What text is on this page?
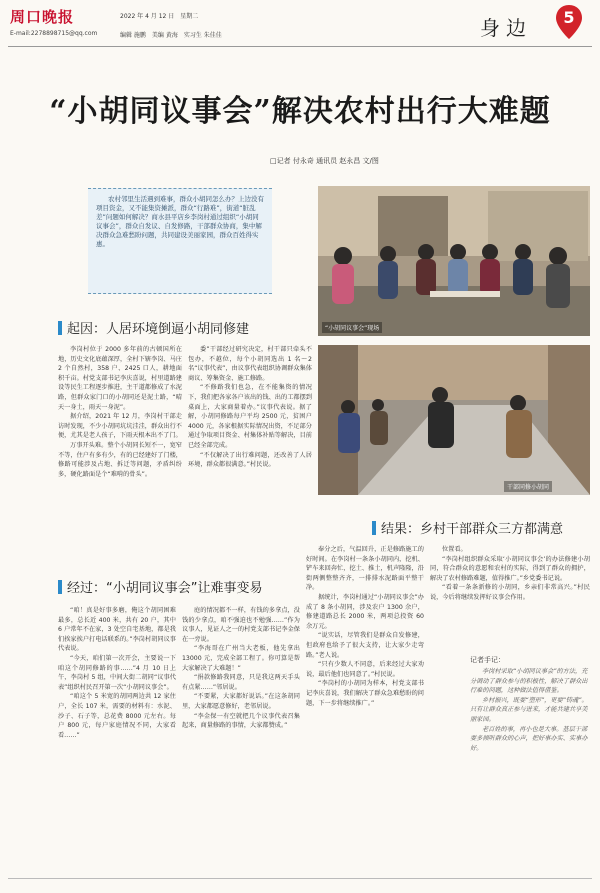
周口晚报
E-mail:2278898715@qq.com
2022 年 4 月 12 日　星期二
编辑 施鹏　美编 黄海　实习生 朱佳佳	身边	5
“小胡同议事会”解决农村出行大难题
□记者 付永奇 通讯员 赵永昌 文/图

农村邻里生活遇到难事，群众小胡同怎么办？上边没有项目资金，又不能集资摊派，群众“行路难”，街道“脏乱差”问题如何解决？商水县平店乡李岗村通过组织“小胡同议事会”，群众自发议、自发修路，干部群众协商，集中解决群众急难愁盼问题，共同建设美丽家园，群众百姓得实惠。

“小胡同议事会”现场
干部同修小胡同
起因：人居环境倒逼小胡同修建

李岗村位于 2000 多年前的古顿国所在地，历史文化底蕴深厚，全村下辖李岗、马庄 2 个自然村，358 户、2425 口人，耕地面积千亩。村党支部书记李庆喜说，村里道路建设等民生工程逐步推进，主干道都修成了水泥路，但群众家门口的小胡同还是泥土路，“晴天一身土，雨天一身泥”。

据介绍，2021 年 12 月，李岗村干部走访时发现，不少小胡同坑坑洼洼，群众出行不便，尤其是老人孩子，下雨天根本出不了门。

万事开头难。整个小胡同长短不一，宽窄不等，住户有多有少，有的已经建好了门楼，修路可能涉及占地、拆迁等问题，矛盾纠纷多，硬化路面是个“难啃的骨头”。

委”干部经过研究决定，村干部只牵头不包办，不越位，每个小胡同选出 1 名～2 名“议事代表”，由议事代表组织协调群众集体商议、筹集资金、施工修路。

“不修路我们也急，在不能集资的情况下，我们把各家各户该出的钱、出的工都摆到桌面上，大家商量着办。”议事代表说。据了解，小胡同修路每户平均 2500 元，贫困户 4000 元，各家根据实际情况出资，不足部分通过争取项目资金、村集体补贴等解决，目前已经全部完成。

“不仅解决了出行难问题，还改善了人居环境，群众都很满意。”村民说。

结果：乡村干部群众三方都满意
经过：“小胡同议事会”让难事变易

“咱！真是好事多磨，俺这个胡同困难最多，总长近 400 米，共有 20 户，其中 6 户常年不在家，3 处空自宅基地，都是我们挨家挨户打电话联系的。”李岗村胡同议事代表说。

“今天，咱们第一次开会，主要说一下咱这个胡同修路的事……”4 月 10 日上午，李岗村 5 组，中间大街二胡同“议事代表”组织村民召开第一次“小胡同议事会”。

“咱这个 5 米宽的胡同两边共 12 家住户，全长 107 米，需要的材料有：水泥、沙子、石子等，总花费 8000 元左右。每户 800 元，每户家庭情况不同，大家看看……”

庭的情况都不一样，有钱的多拿点，没钱的少拿点，咱不强迫也不勉强……”作为议事人，见证人之一的村党支部书记李金保在一旁说。

“李海哥在广州当大老板，他先拿出 13000 元，完成全部工程了。你可算是帮大家解决了大难题！”

“捐款修路我同意，只是我这两天手头有点紧……”邻居说。

“不要紧，大家都好说话。”在这条胡同里，大家都愿意修好，老邻居说。

“李金保一有空就把几个议事代表召集起来，商量修路的事情，大家都赞成。”

奉分之后，气温回升，正是修路施工的好时间。在李岗村一条条小胡同内，挖机、铲车来回奔忙，挖土、推土，机声隆隆，沿街两侧整整齐齐，一排排水泥路面平整干净。

据统计，李岗村通过“小胡同议事会”办成了 8 条小胡同，涉及农户 1300 余户，修建道路总长 2000 米，两项总投资 60 余万元。

“说实话，尽管我们是群众自发修建，但政府也给予了很大支持，让大家少走弯路。”老人说。

“只有少数人不同意，后来经过大家劝说，最后他们也同意了。”村民说。

“李岗村的小胡同为样本，村党支部书记李庆喜说，我们解决了群众急难愁盼的问题，下一步将继续推广。”

位置看。

“李岗村组织群众采取‘小胡同议事会’的办法修建小胡同，符合群众的意愿和农村的实际，得到了群众的拥护，解决了农村修路难题，值得推广。”乡党委书记说。

“看着一条条新修的小胡同，乡亲们非常高兴。”村民说，今后将继续发挥好议事会作用。

记者手记：

李岗村采取“小胡同议事会”的方法，充分调动了群众参与的积极性，解决了群众出行难的问题，这种做法值得借鉴。

乡村振兴，既要“塑形”，更要“铸魂”。只有让群众真正参与进来，才能共建共享美丽家园。

老百姓的事，再小也是大事。基层干部要多倾听群众的心声，把好事办实、实事办好。
